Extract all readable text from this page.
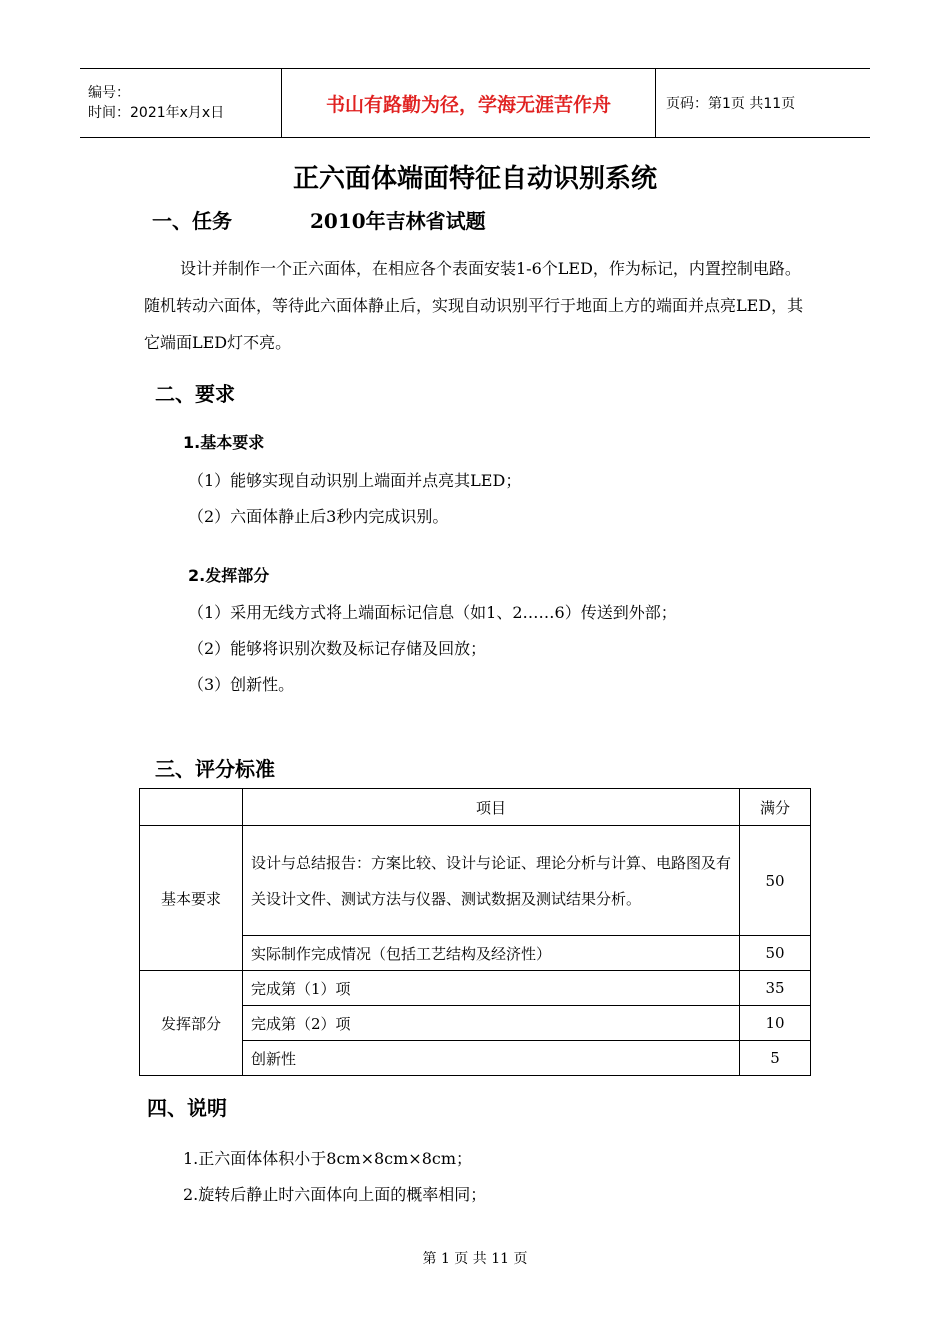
编号：
时间：2021年x月x日	书山有路勤为径，学海无涯苦作舟	页码：第1页 共11页
正六面体端面特征自动识别系统
一、任务	2010年吉林省试题
设计并制作一个正六面体，在相应各个表面安装1-6个LED，作为标记，内置控制电路。随机转动六面体，等待此六面体静止后，实现自动识别平行于地面上方的端面并点亮LED，其它端面LED灯不亮。
二、要求
1.基本要求
（1）能够实现自动识别上端面并点亮其LED；
（2）六面体静止后3秒内完成识别。
2.发挥部分
（1）采用无线方式将上端面标记信息（如1、2……6）传送到外部；
（2）能够将识别次数及标记存储及回放；
（3）创新性。
三、评分标准
	项目	满分
基本要求	设计与总结报告：方案比较、设计与论证、理论分析与计算、电路图及有关设计文件、测试方法与仪器、测试数据及测试结果分析。	50
	实际制作完成情况（包括工艺结构及经济性）	50
发挥部分	完成第（1）项	35
	完成第（2）项	10
	创新性	5
四、说明
1.正六面体体积小于8cm×8cm×8cm；
2.旋转后静止时六面体向上面的概率相同；
第 1 页 共 11 页
